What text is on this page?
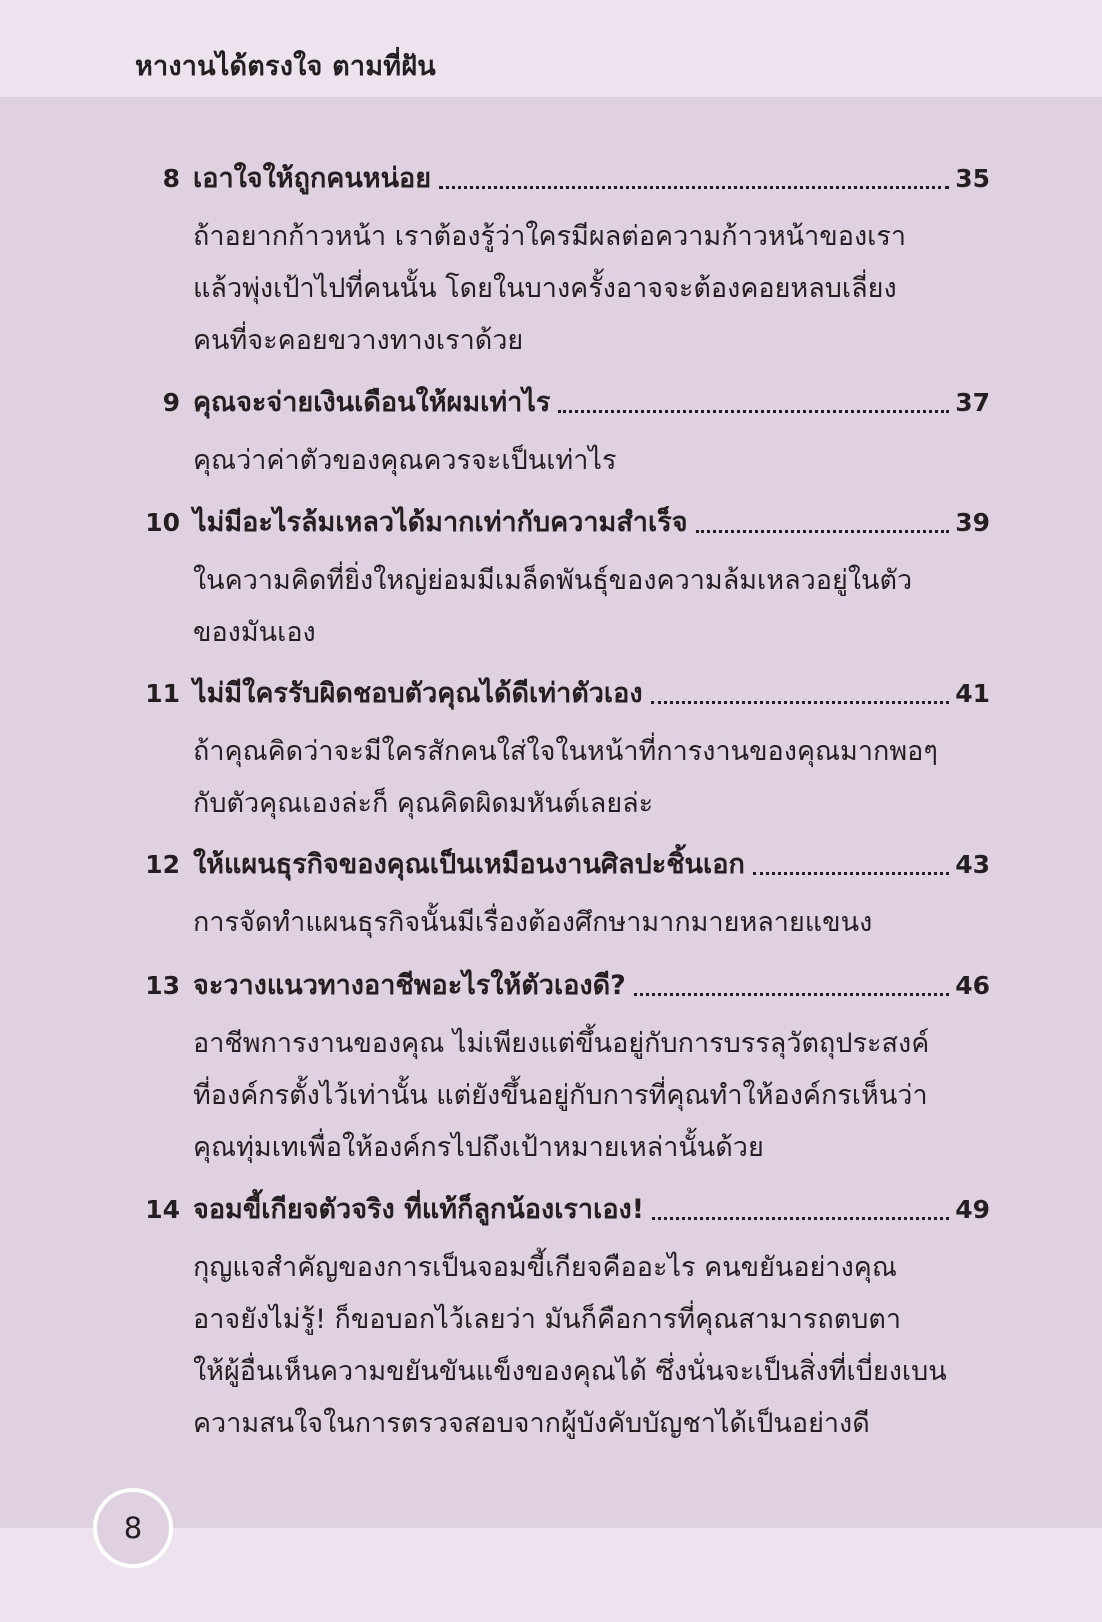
หางานได้ตรงใจ ตามที่ฝัน
8 เอาใจให้ถูกคนหน่อย	35
ถ้าอยากก้าวหน้า เราต้องรู้ว่าใครมีผลต่อความก้าวหน้าของเรา
แล้วพุ่งเป้าไปที่คนนั้น โดยในบางครั้งอาจจะต้องคอยหลบเลี่ยง
คนที่จะคอยขวางทางเราด้วย
9 คุณจะจ่ายเงินเดือนให้ผมเท่าไร	37
คุณว่าค่าตัวของคุณควรจะเป็นเท่าไร
10 ไม่มีอะไรล้มเหลวได้มากเท่ากับความสำเร็จ	39
ในความคิดที่ยิ่งใหญ่ย่อมมีเมล็ดพันธุ์ของความล้มเหลวอยู่ในตัว
ของมันเอง
11 ไม่มีใครรับผิดชอบตัวคุณได้ดีเท่าตัวเอง	41
ถ้าคุณคิดว่าจะมีใครสักคนใส่ใจในหน้าที่การงานของคุณมากพอๆ
กับตัวคุณเองล่ะก็ คุณคิดผิดมหันต์เลยล่ะ
12 ให้แผนธุรกิจของคุณเป็นเหมือนงานศิลปะชิ้นเอก	43
การจัดทำแผนธุรกิจนั้นมีเรื่องต้องศึกษามากมายหลายแขนง
13 จะวางแนวทางอาชีพอะไรให้ตัวเองดี?	46
อาชีพการงานของคุณ ไม่เพียงแต่ขึ้นอยู่กับการบรรลุวัตถุประสงค์
ที่องค์กรตั้งไว้เท่านั้น แต่ยังขึ้นอยู่กับการที่คุณทำให้องค์กรเห็นว่า
คุณทุ่มเทเพื่อให้องค์กรไปถึงเป้าหมายเหล่านั้นด้วย
14 จอมขี้เกียจตัวจริง ที่แท้ก็ลูกน้องเราเอง!	49
กุญแจสำคัญของการเป็นจอมขี้เกียจคืออะไร คนขยันอย่างคุณ
อาจยังไม่รู้! ก็ขอบอกไว้เลยว่า มันก็คือการที่คุณสามารถตบตา
ให้ผู้อื่นเห็นความขยันขันแข็งของคุณได้ ซึ่งนั่นจะเป็นสิ่งที่เบี่ยงเบน
ความสนใจในการตรวจสอบจากผู้บังคับบัญชาได้เป็นอย่างดี
8
